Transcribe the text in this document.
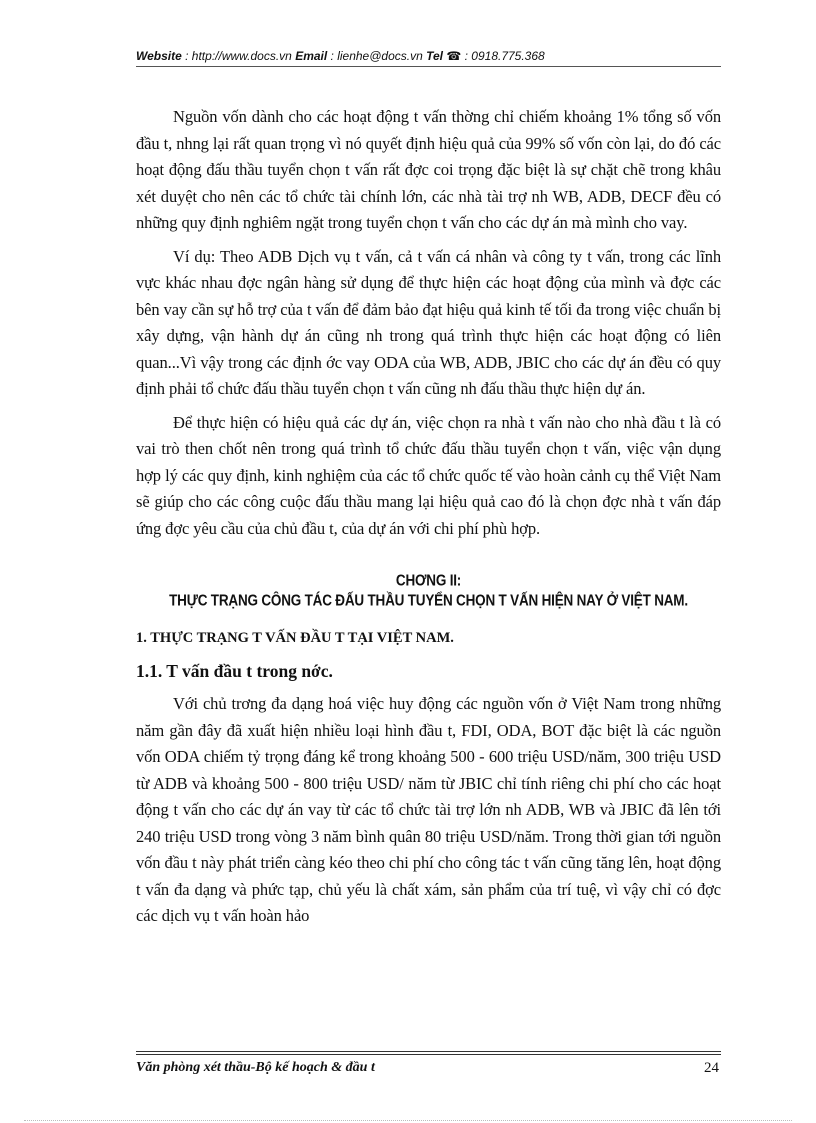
Website : http://www.docs.vn Email : lienhe@docs.vn Tel ☎ : 0918.775.368

Nguồn vốn dành cho các hoạt động t vấn thờng chỉ chiếm khoảng 1% tổng số vốn đầu t, nhng lại rất quan trọng vì nó quyết định hiệu quả của 99% số vốn còn lại, do đó các hoạt động đấu thầu tuyển chọn t vấn rất đợc coi trọng đặc biệt là sự chặt chẽ trong khâu xét duyệt cho nên các tổ chức tài chính lớn, các nhà tài trợ nh WB, ADB, DECF đều có những quy định nghiêm ngặt trong tuyển chọn t vấn cho các dự án mà mình cho vay.

Ví dụ: Theo ADB Dịch vụ t vấn, cả t vấn cá nhân và công ty t vấn, trong các lĩnh vực khác nhau đợc ngân hàng sử dụng để thực hiện các hoạt động của mình và đợc các bên vay cần sự hỗ trợ của t vấn để đảm bảo đạt hiệu quả kinh tế tối đa trong việc chuẩn bị xây dựng, vận hành dự án cũng nh trong quá trình thực hiện các hoạt động có liên quan...Vì vậy trong các định ớc vay ODA của WB, ADB, JBIC cho các dự án đều có quy định phải tổ chức đấu thầu tuyển chọn t vấn cũng nh đấu thầu thực hiện dự án.

Để thực hiện có hiệu quả các dự án, việc chọn ra nhà t vấn nào cho nhà đầu t là có vai trò then chốt nên trong quá trình tổ chức đấu thầu tuyển chọn t vấn, việc vận dụng hợp lý các quy định, kinh nghiệm của các tổ chức quốc tế vào hoàn cảnh cụ thể Việt Nam sẽ giúp cho các công cuộc đấu thầu mang lại hiệu quả cao đó là chọn đợc nhà t vấn đáp ứng đợc yêu cầu của chủ đầu t, của dự án với chi phí phù hợp.

CHƠNG II:
THỰC TRẠNG CÔNG TÁC ĐẤU THẦU TUYỂN CHỌN T VẤN HIỆN NAY Ở VIỆT NAM.
1. THỰC TRẠNG T VẤN ĐẦU T TẠI VIỆT NAM.
1.1. T vấn đầu t trong nớc.

Với chủ trơng đa dạng hoá việc huy động các nguồn vốn ở Việt Nam trong những năm gần đây đã xuất hiện nhiều loại hình đầu t, FDI, ODA, BOT đặc biệt là các nguồn vốn ODA chiếm tỷ trọng đáng kể trong khoảng 500 - 600 triệu USD/năm, 300 triệu USD từ ADB và khoảng 500 - 800 triệu USD/ năm từ JBIC chỉ tính riêng chi phí cho các hoạt động t vấn cho các dự án vay từ các tổ chức tài trợ lớn nh ADB, WB và JBIC đã lên tới 240 triệu USD trong vòng 3 năm bình quân 80 triệu USD/năm. Trong thời gian tới nguồn vốn đầu t này phát triển càng kéo theo chi phí cho công tác t vấn cũng tăng lên, hoạt động t vấn đa dạng và phức tạp, chủ yếu là chất xám, sản phẩm của trí tuệ, vì vậy chỉ có đợc các dịch vụ t vấn hoàn hảo

Văn phòng xét thầu-Bộ kế hoạch & đầu t	24
